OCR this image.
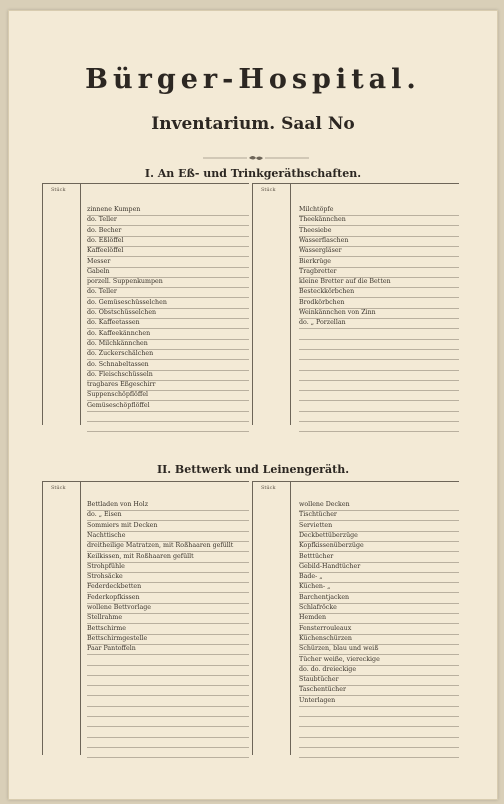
Bürger-Hospital.
Inventarium. Saal No
I. An Eß- und Trinkgeräthschaften.
II. Bettwerk und Leinengeräth.
Stück
zinnene Kumpen
do. Teller
do. Becher
do. Eßlöffel
Kaffeelöffel
Messer
Gabeln
porzell. Suppenkumpen
do. Teller
do. Gemüseschüsselchen
do. Obstschüsselchen
do. Kaffeetassen
do. Kaffeekännchen
do. Milchkännchen
do. Zuckerschälchen
do. Schnabeltassen
do. Fleischschüsseln
tragbares Eßgeschirr
Suppenschöpflöffel
Gemüseschöpflöffel
Stück
Milchtöpfe
Theekännchen
Theesiebe
Wasserflaschen
Wassergläser
Bierkrüge
Tragbretter
kleine Bretter auf die Betten
Besteckkörbchen
Brodkörbchen
Weinkännchen von Zinn
do. „ Porzellan
Stück
Bettladen von Holz
do. „ Eisen
Sommiers mit Decken
Nachttische
dreitheilige Matratzen, mit Roßhaaren gefüllt
Keilkissen, mit Roßhaaren gefüllt
Strohpfühle
Strohsäcke
Federdeckbetten
Federkopfkissen
wollene Bettvorlage
Stellrahme
Bettschirme
Bettschirmgestelle
Paar Pantoffeln
Stück
wollene Decken
Tischtücher
Servietten
Deckbettüberzüge
Kopfkissenüberzüge
Betttücher
Gebild-Handtücher
Bade- „
Küchen- „
Barchentjacken
Schlafröcke
Hemden
Fensterrouleaux
Küchenschürzen
Schürzen, blau und weiß
Tücher weiße, viereckige
do. do. dreieckige
Staubtücher
Taschentücher
Unterlagen
